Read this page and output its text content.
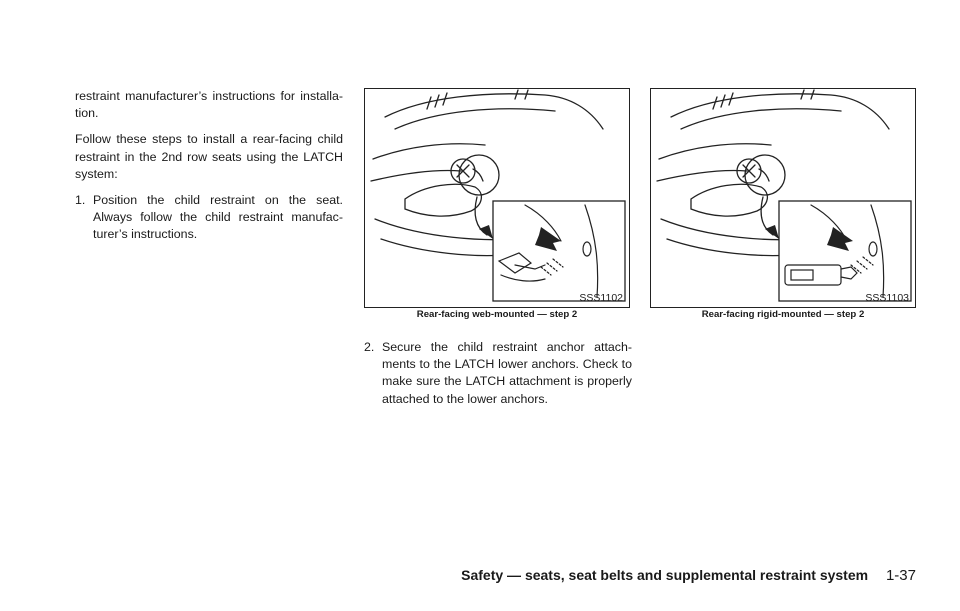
restraint manufacturer’s instructions for installa-tion.

Follow these steps to install a rear-facing child restraint in the 2nd row seats using the LATCH system:

1. Position the child restraint on the seat. Always follow the child restraint manufac-turer’s instructions.
SSS1102
Rear-facing web-mounted — step 2
SSS1103
Rear-facing rigid-mounted — step 2
2. Secure the child restraint anchor attach-ments to the LATCH lower anchors. Check to make sure the LATCH attachment is properly attached to the lower anchors.
Safety — seats, seat belts and supplemental restraint system 1-37
